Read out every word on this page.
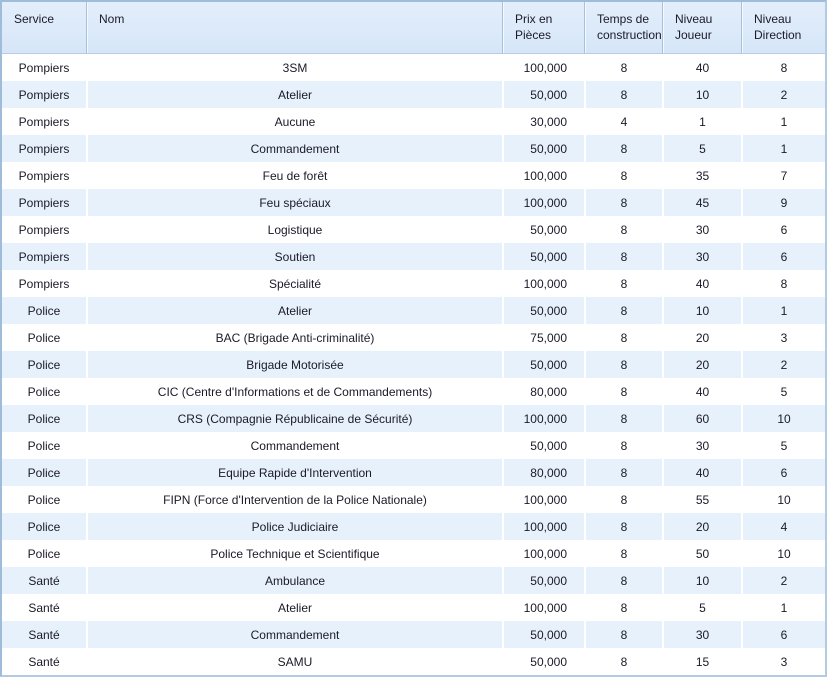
Service	Nom	Prix en Pièces	Temps de construction	Niveau Joueur	Niveau Direction
Pompiers	3SM	100,000	8	40	8
Pompiers	Atelier	50,000	8	10	2
Pompiers	Aucune	30,000	4	1	1
Pompiers	Commandement	50,000	8	5	1
Pompiers	Feu de forêt	100,000	8	35	7
Pompiers	Feu spéciaux	100,000	8	45	9
Pompiers	Logistique	50,000	8	30	6
Pompiers	Soutien	50,000	8	30	6
Pompiers	Spécialité	100,000	8	40	8
Police	Atelier	50,000	8	10	1
Police	BAC (Brigade Anti-criminalité)	75,000	8	20	3
Police	Brigade Motorisée	50,000	8	20	2
Police	CIC (Centre d'Informations et de Commandements)	80,000	8	40	5
Police	CRS (Compagnie Républicaine de Sécurité)	100,000	8	60	10
Police	Commandement	50,000	8	30	5
Police	Equipe Rapide d'Intervention	80,000	8	40	6
Police	FIPN (Force d'Intervention de la Police Nationale)	100,000	8	55	10
Police	Police Judiciaire	100,000	8	20	4
Police	Police Technique et Scientifique	100,000	8	50	10
Santé	Ambulance	50,000	8	10	2
Santé	Atelier	100,000	8	5	1
Santé	Commandement	50,000	8	30	6
Santé	SAMU	50,000	8	15	3
